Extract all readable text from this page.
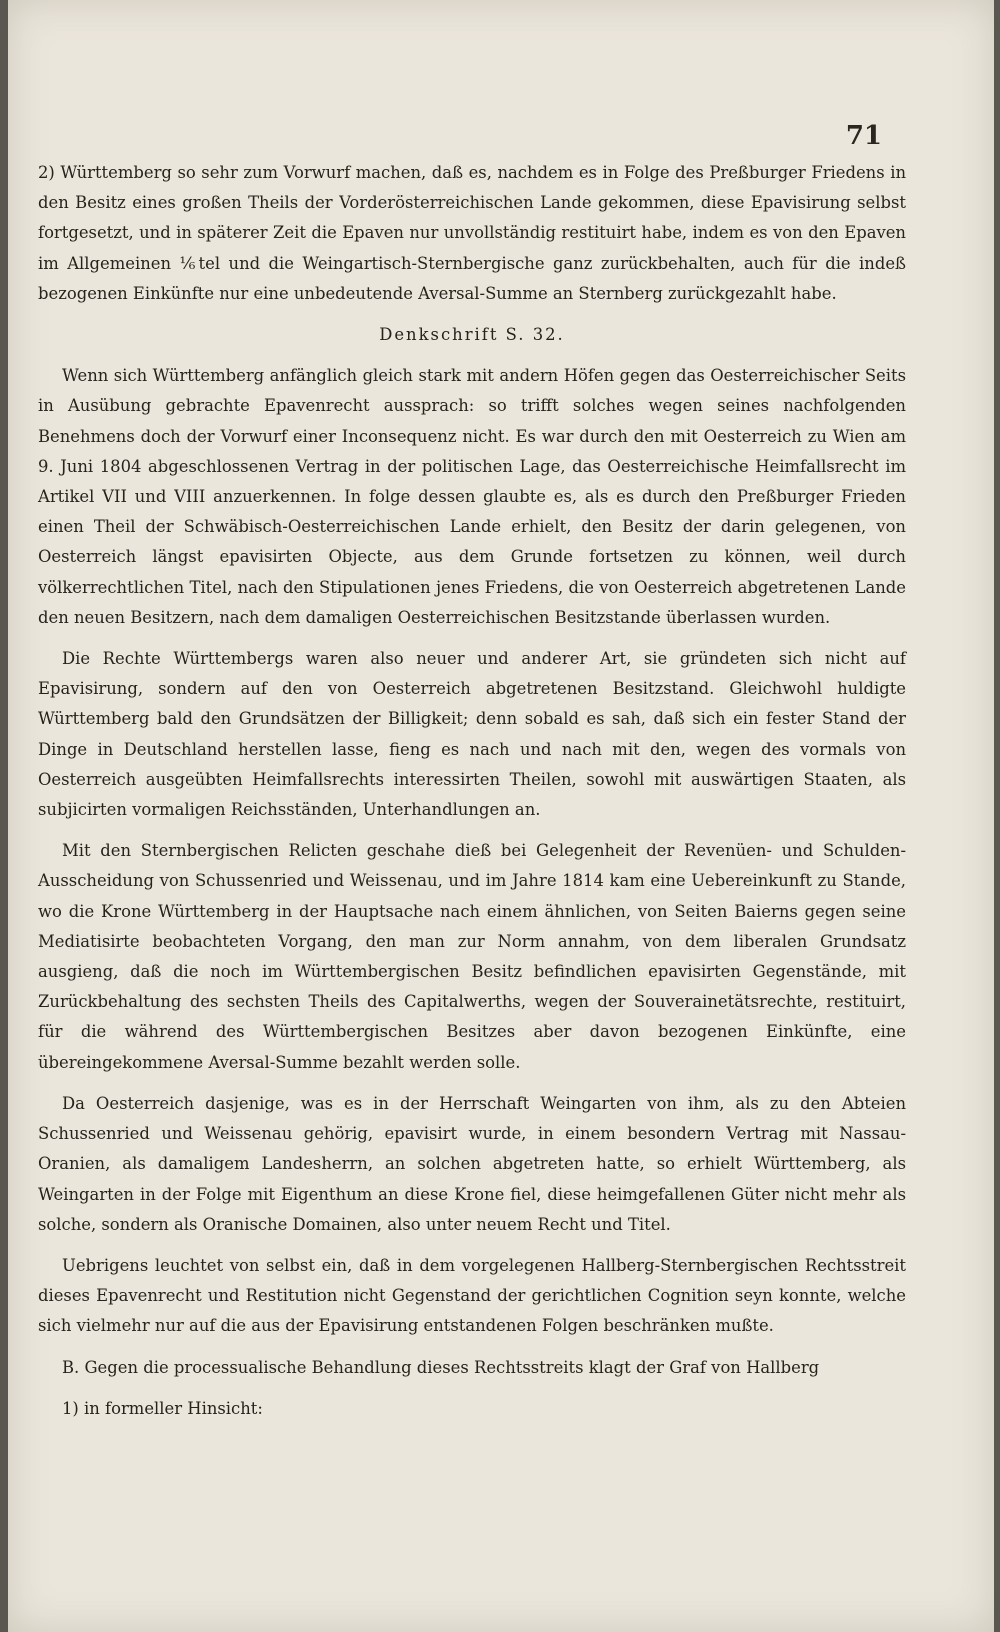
71

2) Württemberg so sehr zum Vorwurf machen, daß es, nachdem es in Folge des Preßburger Friedens in den Besitz eines großen Theils der Vorderösterreichischen Lande gekommen, diese Epavisirung selbst fortgesetzt, und in späterer Zeit die Epaven nur unvollständig restituirt habe, indem es von den Epaven im Allgemeinen ⅙tel und die Weingartisch-Sternbergische ganz zurückbehalten, auch für die indeß bezogenen Einkünfte nur eine unbedeutende Aversal-Summe an Sternberg zurückgezahlt habe.

Denkschrift S. 32.

Wenn sich Württemberg anfänglich gleich stark mit andern Höfen gegen das Oesterreichischer Seits in Ausübung gebrachte Epavenrecht aussprach: so trifft solches wegen seines nachfolgenden Benehmens doch der Vorwurf einer Inconsequenz nicht. Es war durch den mit Oesterreich zu Wien am 9. Juni 1804 abgeschlossenen Vertrag in der politischen Lage, das Oesterreichische Heimfallsrecht im Artikel VII und VIII anzuerkennen. In folge dessen glaubte es, als es durch den Preßburger Frieden einen Theil der Schwäbisch-Oesterreichischen Lande erhielt, den Besitz der darin gelegenen, von Oesterreich längst epavisirten Objecte, aus dem Grunde fortsetzen zu können, weil durch völkerrechtlichen Titel, nach den Stipulationen jenes Friedens, die von Oesterreich abgetretenen Lande den neuen Besitzern, nach dem damaligen Oesterreichischen Besitzstande überlassen wurden.

Die Rechte Württembergs waren also neuer und anderer Art, sie gründeten sich nicht auf Epavisirung, sondern auf den von Oesterreich abgetretenen Besitzstand. Gleichwohl huldigte Württemberg bald den Grundsätzen der Billigkeit; denn sobald es sah, daß sich ein fester Stand der Dinge in Deutschland herstellen lasse, fieng es nach und nach mit den, wegen des vormals von Oesterreich ausgeübten Heimfallsrechts interessirten Theilen, sowohl mit auswärtigen Staaten, als subjicirten vormaligen Reichsständen, Unterhandlungen an.

Mit den Sternbergischen Relicten geschahe dieß bei Gelegenheit der Revenüen- und Schulden-Ausscheidung von Schussenried und Weissenau, und im Jahre 1814 kam eine Uebereinkunft zu Stande, wo die Krone Württemberg in der Hauptsache nach einem ähnlichen, von Seiten Baierns gegen seine Mediatisirte beobachteten Vorgang, den man zur Norm annahm, von dem liberalen Grundsatz ausgieng, daß die noch im Württembergischen Besitz befindlichen epavisirten Gegenstände, mit Zurückbehaltung des sechsten Theils des Capitalwerths, wegen der Souverainetätsrechte, restituirt, für die während des Württembergischen Besitzes aber davon bezogenen Einkünfte, eine übereingekommene Aversal-Summe bezahlt werden solle.

Da Oesterreich dasjenige, was es in der Herrschaft Weingarten von ihm, als zu den Abteien Schussenried und Weissenau gehörig, epavisirt wurde, in einem besondern Vertrag mit Nassau-Oranien, als damaligem Landesherrn, an solchen abgetreten hatte, so erhielt Württemberg, als Weingarten in der Folge mit Eigenthum an diese Krone fiel, diese heimgefallenen Güter nicht mehr als solche, sondern als Oranische Domainen, also unter neuem Recht und Titel.

Uebrigens leuchtet von selbst ein, daß in dem vorgelegenen Hallberg-Sternbergischen Rechtsstreit dieses Epavenrecht und Restitution nicht Gegenstand der gerichtlichen Cognition seyn konnte, welche sich vielmehr nur auf die aus der Epavisirung entstandenen Folgen beschränken mußte.

B. Gegen die processualische Behandlung dieses Rechtsstreits klagt der Graf von Hallberg

1) in formeller Hinsicht:
